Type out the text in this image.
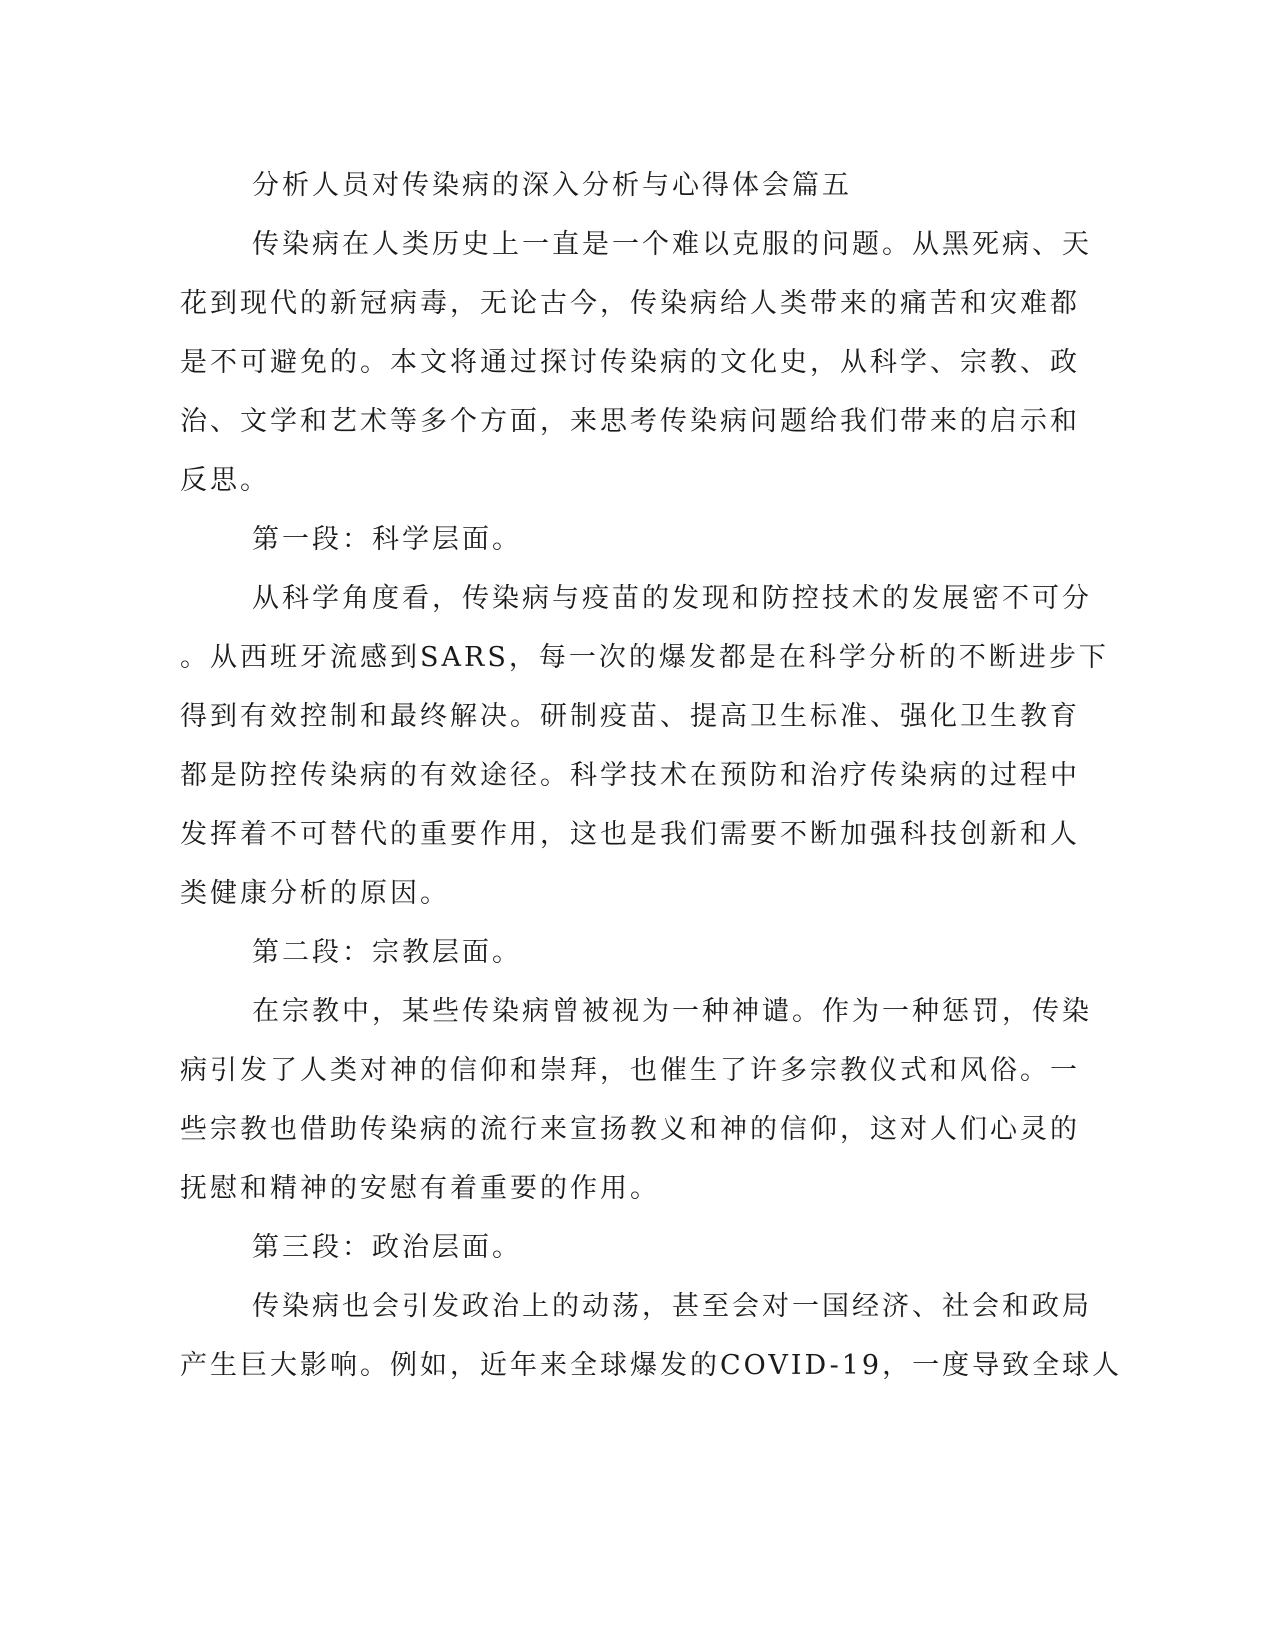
分析人员对传染病的深入分析与心得体会篇五
传染病在人类历史上一直是一个难以克服的问题。从黑死病、天
花到现代的新冠病毒，无论古今，传染病给人类带来的痛苦和灾难都
是不可避免的。本文将通过探讨传染病的文化史，从科学、宗教、政
治、文学和艺术等多个方面，来思考传染病问题给我们带来的启示和
反思。
第一段：科学层面。
从科学角度看，传染病与疫苗的发现和防控技术的发展密不可分
。从西班牙流感到SARS，每一次的爆发都是在科学分析的不断进步下
得到有效控制和最终解决。研制疫苗、提高卫生标准、强化卫生教育
都是防控传染病的有效途径。科学技术在预防和治疗传染病的过程中
发挥着不可替代的重要作用，这也是我们需要不断加强科技创新和人
类健康分析的原因。
第二段：宗教层面。
在宗教中，某些传染病曾被视为一种神谴。作为一种惩罚，传染
病引发了人类对神的信仰和崇拜，也催生了许多宗教仪式和风俗。一
些宗教也借助传染病的流行来宣扬教义和神的信仰，这对人们心灵的
抚慰和精神的安慰有着重要的作用。
第三段：政治层面。
传染病也会引发政治上的动荡，甚至会对一国经济、社会和政局
产生巨大影响。例如，近年来全球爆发的COVID-19，一度导致全球人
